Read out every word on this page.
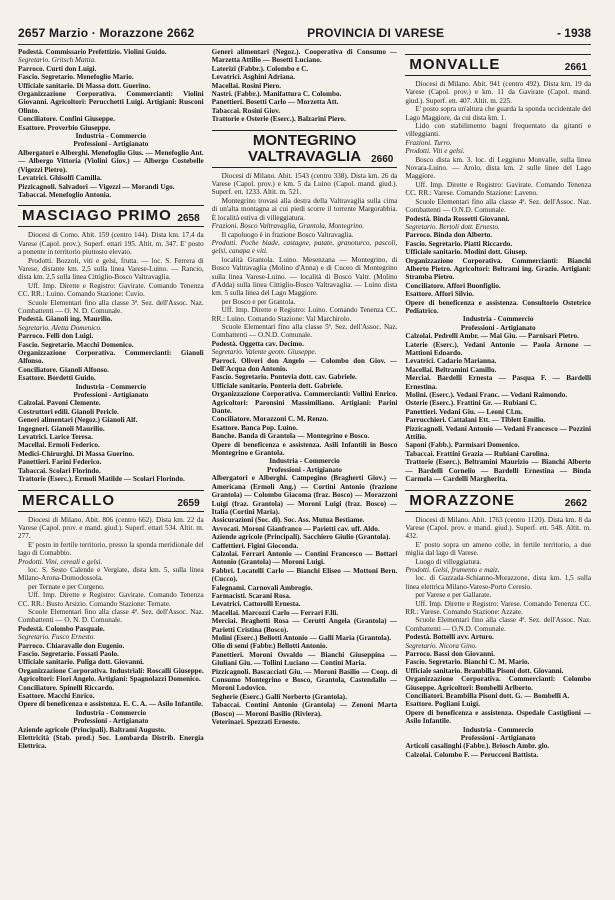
2657 Marzio · Morazzone 2662	PROVINCIA DI VARESE	- 1938

Podestà. Commissario Prefettizio. Violini Guido.

Segretario. Gritsch Mattia.

Parroco. Curti don Luigi.

Fascio. Segretario. Menefoglio Mario.

Ufficiale sanitario. Di Massa dott. Guerino.

Organizzazione Corporativa. Commercianti: Violini Giovanni. Agricoltori: Perucchetti Luigi. Artigiani: Rusconi Olinto.

Conciliatore. Confini Giuseppe.

Esattore. Proverbio Giuseppe.

Industria - Commercio

Professioni - Artigianato

Albergatori e Alberghi. Menefoglio Gius. — Menefoglio Ant. — Albergo Vittoria (Violini Giov.) — Albergo Costebelle (Vigezzi Pietro).

Levatrici. Ghisolfi Camilla.

Pizzicagnoli. Salvadori — Vigezzi — Morandi Ugo.

Tabaccai. Menefoglio Antonia.

MASCIAGO PRIMO 2658

Diocesi di Como. Abit. 159 (centro 144). Dista km. 17,4 da Varese (Capol. prov.). Superf. ettari 195. Altit. m. 347. E' posto a ponente in territorio piuttosto elevato.

Prodotti. Bozzoli, viti e gelsi, frutta. — loc. S. Ferrera di Varese, distante km. 2,5 sulla linea Varese-Luino. — Rancio, dista km. 2,5 sulla linea Cittiglio-Bosco Valtravaglia.

Uff. Imp. Dirette e Registro: Gavirate. Comando Tenenza CC. RR.: Luino. Comando Stazione: Cuvio.

Scuole Elementari fino alla classe 3ª. Sez. dell'Assoc. Naz. Combattenti — O. N. D. Comunale.

Podestà. Gianoli ing. Maurilio.

Segretario. Aletta Domenico.

Parroco. Felli don Luigi.

Fascio. Segretario. Macchi Domenico.

Organizzazione Corporativa. Commercianti: Gianoli Alfonso.

Conciliatore. Gianoli Alfonso.

Esattore. Bordetti Guido.

Industria - Commercio

Professioni - Artigianato

Calzolai. Pavoni Clemente.

Costruttori edili. Gianoli Pericle.

Generi alimentari (Negoz.) Gianoli Alf.

Ingegneri. Gianoli Maurilio.

Levatrici. Larice Teresa.

Macellai. Ermoli Federico.

Medici-Chirurghi. Di Massa Guerino.

Panettieri. Farini Federico.

Tabaccai. Scolari Florindo.

Trattorie (Eserc.). Ermoli Matilde — Scolari Florindo.

MERCALLO	2659

Diocesi di Milano. Abit. 806 (centro 662). Dista km. 22 da Varese (Capol. prov. e mand. giud.). Superf. ettari 534. Altit. m. 277.

E' posto in fertile territorio, presso la sponda meridionale del lago di Comabbio.

Prodotti. Vini, cereali e gelsi.

loc. S. Sesto Calende e Vergiate, dista km. 5, sulla linea Milano-Arona-Domodossola.

per Ternate e per Corgeno.

Uff. Imp. Dirette e Registro: Gavirate. Comando Tenenza CC. RR.: Busto Arsizio. Comando Stazione: Ternate.

Scuole Elementari fino alla classe 4ª. Sez. dell'Assoc. Naz. Combattenti — O. N. D. Comunale.

Podestà. Colombo Pasquale.

Segretario. Fusco Ernesto.

Parroco. Chiaravalle don Eugenio.

Fascio. Segretario. Fossati Paolo.

Ufficiale sanitario. Puliga dott. Giovanni.

Organizzazione Corporativa. Industriali: Roscalli Giuseppe. Agricoltori: Fiori Angelo. Artigiani: Spagnolazzi Domenico.

Conciliatore. Spinelli Riccardo.

Esattore. Macchi Enrico.

Opere di beneficenza e assistenza. E. C. A. — Asilo Infantile.

Industria - Commercio

Professioni - Artigianato

Aziende agricole (Principali). Baltrami Augusto.

Elettricità (Stab. prod.) Soc. Lombarda Distrib. Energia Elettrica.

Generi alimentari (Negoz.). Cooperativa di Consumo — Marzetta Attilio — Bosetti Luciano.

Laterizi (Fabbr.). Colombo e C.

Levatrici. Asghini Adriana.

Macellai. Rosini Piero.

Nastri. (Fabbr.). Manifattura C. Colombo.

Panettieri. Bosetti Carlo — Morzetta Att.

Tabaccai. Rosini Giov.

Trattorie e Osterie (Eserc.). Balzarini Piero.

MONTEGRINO VALTRAVAGLIA	2660

Diocesi di Milano. Abit. 1543 (centro 338). Dista km. 26 da Varese (Capol. prov.) e km. 5 da Luino (Capol. mand. giud.). Superf. ett. 1233. Altit. m. 521.

Montegrino trovasi alla destra della Valtravaglia sulla cima di un'alta montagna ai cui piedi scorre il torrente Margorabbia. È località estiva di villeggiatura.

Frazioni. Bosco Valtravaglia, Grantola, Montegrino.

Il capoluogo è in frazione Bosco Valtravaglia.

Prodotti. Poche biade, castagne, patate, granoturco, pascoli, gelsi, canapa e viti.

località Grantola. Luino. Mesenzana — Montegrino, di Bosco Valtravaglia (Molino d'Anna) e di Cuceo di Montegrino sulla linea Varese-Luino. — località di Bosco Valtr. (Molino d'Adda) sulla linea Cittiglio-Bosco Valtravaglia. — Luino dista km. 5 sulla linea del Lago Maggiore.

per Bosco e per Grantola.

Uff. Imp. Dirette e Registro: Luino. Comando Tenenza CC. RR.: Luino. Comando Stazione: Val Marchirolo.

Scuole Elementari fino alla classe 5ª. Sez. dell'Assoc. Naz. Combattenti — O.N.D. Comunale.

Podestà. Oggetta cav. Decimo.

Segretario. Valente geom. Giuseppe.

Parroci. Oliveri don Angelo — Colombo don Giov. — Dell'Acqua don Antonio.

Fascio. Segretario. Pontevia dott. cav. Gabriele.

Ufficiale sanitario. Ponteria dott. Gabriele.

Organizzazione Corporativa. Commercianti: Vollini Enrico. Agricoltori: Paronsini Massimiliano. Artigiani: Parini Dante.

Conciliatore. Morazzoni C. M. Renzo.

Esattore. Banca Pop. Luino.

Banche. Banda di Grantola — Montegrino e Bosco.

Opere di beneficenza e assistenza. Asili Infantili in Bosco Montegrino e Grantola.

Industria - Commercio

Professioni - Artigianato

Albergatori e Alberghi. Campegino (Bragherti Giov.) — Americana (Ermoli Ang.) — Cortini Antonio (frazione Grantola) — Colombo Giacoma (fraz. Bosco) — Morazzoni Luigi (fraz. Grantola) — Moroni Luigi (fraz. Bosco) — Italia (Cortini Maria).

Assicurazioni (Soc. di). Soc. Ass. Mutua Bestiame.

Avvocati. Moroni Gianfranco — Parietti cav. uff. Aldo.

Aziende agricole (Principali). Sacchiero Giulio (Grantola).

Caffettieri. Figini Gioconda.

Calzolai. Ferrari Antonio — Contini Francesco — Bottari Antonio (Grantola) — Moroni Luigi.

Fabbri. Locatelli Carlo — Bianchi Eliseo — Mottoni Bern. (Cucco).

Falegnami. Carnovali Ambrogio.

Farmacisti. Scarani Rosa.

Levatrici. Cattorolli Ernesta.

Macellai. Marcozzi Carlo — Ferrari F.lli.

Merciai. Braghetti Rosa — Cerutti Angela (Grantola) — Parietti Cristina (Bosco).

Molini (Eserc.) Bellotti Antonio — Galli Maria (Grantola).

Olio di semi (Fabbr.) Bellotti Antonio.

Panettieri. Moroni Osvaldo — Bianchi Giuseppina — Giuliani Giu. — Tollini Luciano — Contini Maria.

Pizzicagnoli. Bascacciati Giu. — Moroni Basilio — Coop. di Consumo Montegrino e Bosco, Grantola, Castendallo — Moroni Lodovico.

Segherie (Eserc.) Galli Norberto (Grantola).

Tabaccai. Contini Antonio (Grantola) — Zenoni Marta (Bosco) — Moroni Basilio (Riviera).

Veterinari. Spezzati Ernesto.

MONVALLE	2661

Diocesi di Milano. Abit. 941 (centro 492). Dista km. 19 da Varese (Capol. prov.) e km. 11 da Gavirate (Capol. mand. giud.). Superf. ett. 407. Altit. m. 225.

E' posto sopra un'altura che guarda la sponda occidentale del Lago Maggiore, da cui dista km. 1.

Lido con stabilimento bagni frequentato da gitanti e villeggianti.

Frazioni. Turro.

Prodotti. Viti e gelsi.

Bosco dista km. 3. loc. di Leggiuno Monvalle, sulla linea Novara-Luino. — Arolo, dista km. 2 sulle linee del Lago Maggiore.

Uff. Imp. Dirette e Registro: Gavirate. Comando Tenenza CC. RR.: Varese. Comando Stazione: Laveno.

Scuole Elementari fino alla classe 4ª. Sez. dell'Assoc. Naz. Combattenti — O.N.D. Comunale.

Podestà. Binda Rossetti Giovanni.

Segretario. Bertoli dott. Ernesto.

Parroco. Binda don Alberto.

Fascio. Segretario. Piatti Riccardo.

Ufficiale sanitario. Modini dott. Giusep.

Organizzazione Corporativa. Commercianti: Bianchi Alberto Pietro. Agricoltori: Beltrami ing. Grazio. Artigiani: Stramba Pietro.

Conciliatore. Affori Buonfiglio.

Esattore. Affori Silvio.

Opere di beneficenza e assistenza. Consultorio Ostetrico Pediatrico.

Industria - Commercio

Professioni - Artigianato

Calzolai. Pedrelli Ambr. — Mai Giu. — Parnisari Pietro.

Laterie (Eserc.). Vedani Antonio — Paola Arnone — Mattioni Edoardo.

Levatrici. Cadario Marianna.

Macellai. Beltramini Camillo.

Merciai. Bardelli Ernesta — Pasqua F. — Bardelli Ernestina.

Molini. (Eserc.). Vedani Franc. — Vedani Raimondo.

Osterie (Eserc.). Frattini Gr. — Rubiani C.

Panettieri. Vedani Giu. — Leoni Cl.m.

Parrucchieri. Cattalani Ett. — Tiblett Emilio.

Pizzicagnoli. Vedani Antonio — Vedani Francesco — Pozzini Attilio.

Saponi (Fabb.). Parmisari Domenico.

Tabaccai. Frattini Grazia — Rubiani Carolina.

Trattorie (Eserc.). Beltramini Maurizio — Bianchi Alberto — Bardelli Cornelio — Bardelli Ernestina — Binda Carmela — Cardelli Margherita.

MORAZZONE	2662

Diocesi di Milano. Abit. 1763 (centro 1120). Dista km. 8 da Varese (Capol. prov. e mand. giud.). Superf. ett. 548. Altit. m. 432.

E' posto sopra un ameno colle, in fertile territorio, a due miglia dal lago di Varese.

Luogo di villeggiatura.

Prodotti. Gelsi, frumento e maiz.

loc. di Gazzada-Schianno-Morazzone, dista km. 1,5 sulla linea elettrica Milano-Varese-Porto Ceresio.

per Varese e per Gallarate.

Uff. Imp. Dirette e Registro: Varese. Comando Tenenza CC. RR.: Varese. Comando Stazione: Azzate.

Scuole Elementari fino alla classe 4ª. Sez. dell'Assoc. Naz. Combattenti — O.N.D. Comunale.

Podestà. Bottelli avv. Arturo.

Segretario. Nicora Gino.

Parroco. Bassi don Giovanni.

Fascio. Segretario. Bianchi C. M. Mario.

Ufficiale sanitario. Brambilla Pisoni dott. Giovanni.

Organizzazione Corporativa. Commercianti: Colombo Giuseppe. Agricoltori: Bombelli Arlberto.

Conciliatori. Brambilla Pisoni dott. G. — Bombelli A.

Esattore. Pogliani Luigi.

Opere di beneficenza e assistenza. Ospedale Castiglioni — Asilo Infantile.

Industria - Commercio

Professioni - Artigianato

Articoli casalinghi (Fabbr.). Briosch Ambr. glo.

Calzolai. Colombo F. — Perucconi Battista.
